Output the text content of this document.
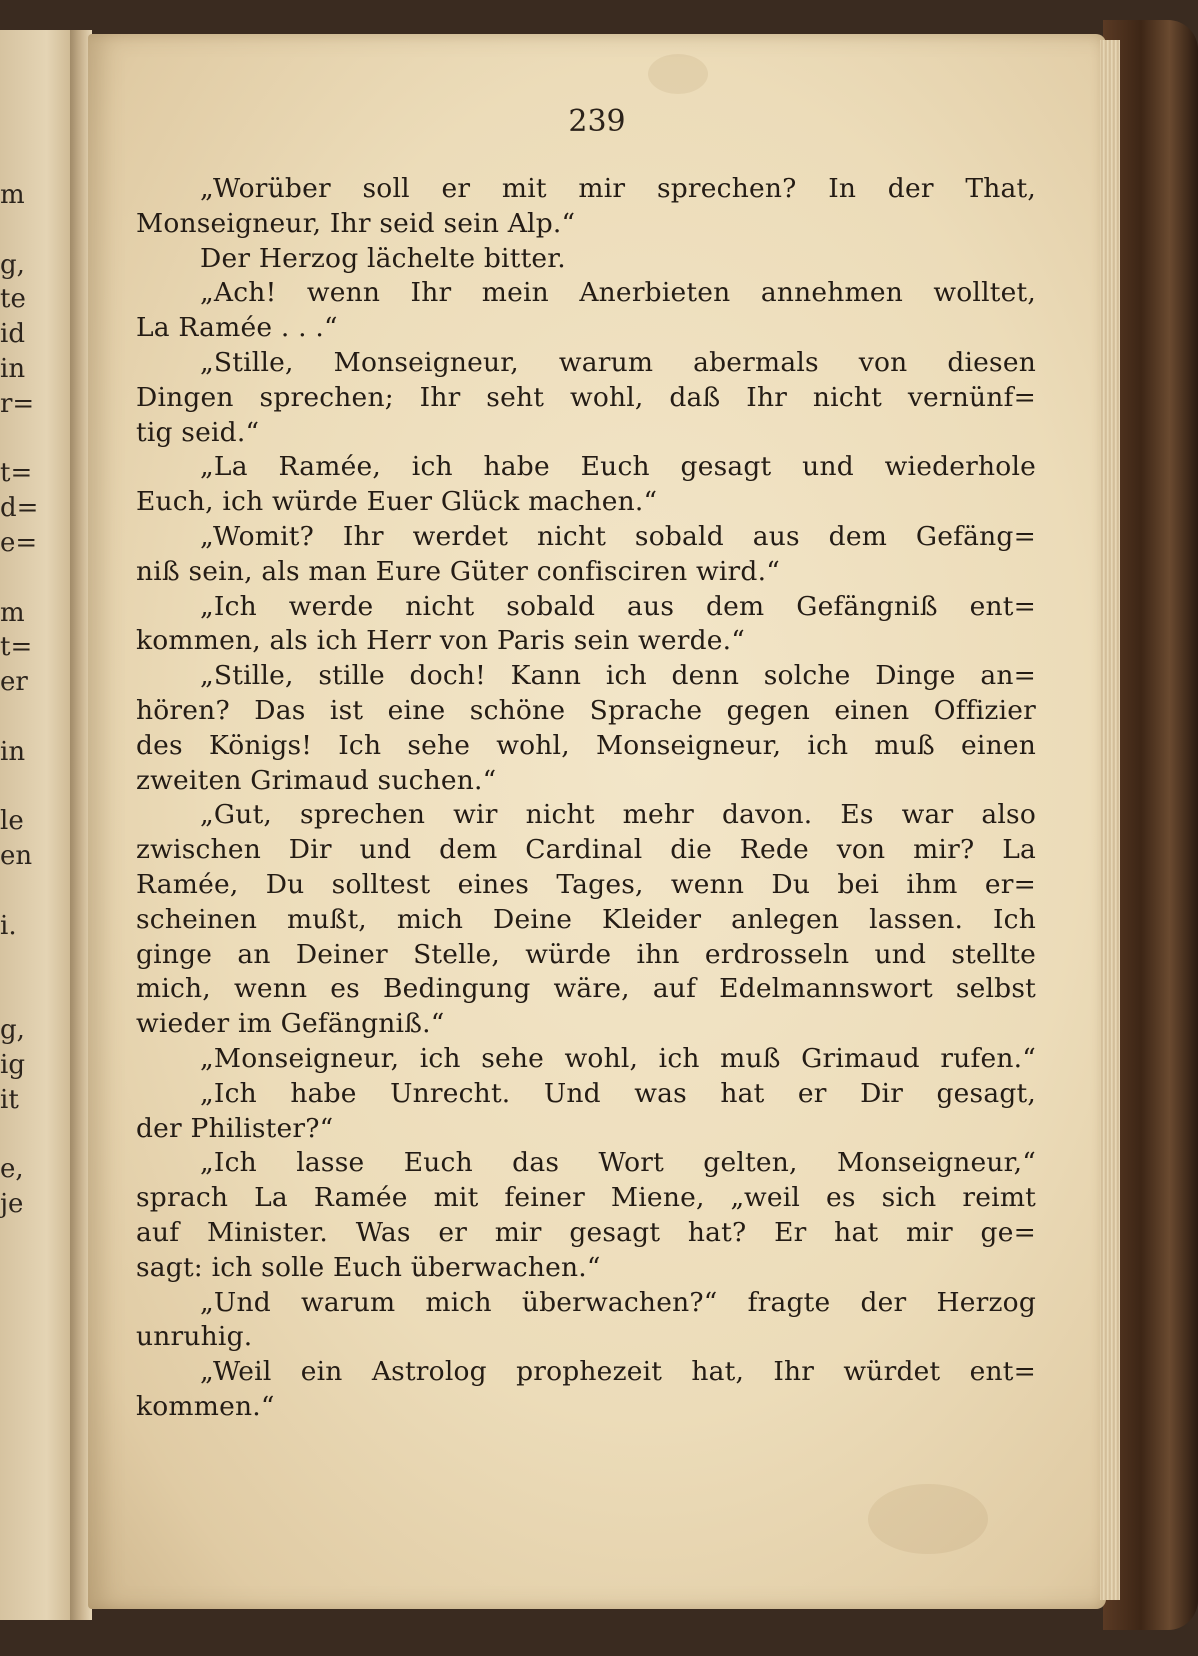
m
g,
te
id
in
r=
t=
d=
e=
m
t=
er
in
le
en
i.
g,
ig
it
e,
je
239
„Worüber soll er mit mir sprechen? In der That,
Monseigneur, Ihr seid sein Alp.“
Der Herzog lächelte bitter.
„Ach! wenn Ihr mein Anerbieten annehmen wolltet,
La Ramée . . .“
„Stille, Monseigneur, warum abermals von diesen
Dingen sprechen; Ihr seht wohl, daß Ihr nicht vernünf=
tig seid.“
„La Ramée, ich habe Euch gesagt und wiederhole
Euch, ich würde Euer Glück machen.“
„Womit? Ihr werdet nicht sobald aus dem Gefäng=
niß sein, als man Eure Güter confisciren wird.“
„Ich werde nicht sobald aus dem Gefängniß ent=
kommen, als ich Herr von Paris sein werde.“
„Stille, stille doch! Kann ich denn solche Dinge an=
hören? Das ist eine schöne Sprache gegen einen Offizier
des Königs! Ich sehe wohl, Monseigneur, ich muß einen
zweiten Grimaud suchen.“
„Gut, sprechen wir nicht mehr davon. Es war also
zwischen Dir und dem Cardinal die Rede von mir? La
Ramée, Du solltest eines Tages, wenn Du bei ihm er=
scheinen mußt, mich Deine Kleider anlegen lassen. Ich
ginge an Deiner Stelle, würde ihn erdrosseln und stellte
mich, wenn es Bedingung wäre, auf Edelmannswort selbst
wieder im Gefängniß.“
„Monseigneur, ich sehe wohl, ich muß Grimaud rufen.“
„Ich habe Unrecht. Und was hat er Dir gesagt,
der Philister?“
„Ich lasse Euch das Wort gelten, Monseigneur,“
sprach La Ramée mit feiner Miene, „weil es sich reimt
auf Minister. Was er mir gesagt hat? Er hat mir ge=
sagt: ich solle Euch überwachen.“
„Und warum mich überwachen?“ fragte der Herzog
unruhig.
„Weil ein Astrolog prophezeit hat, Ihr würdet ent=
kommen.“
